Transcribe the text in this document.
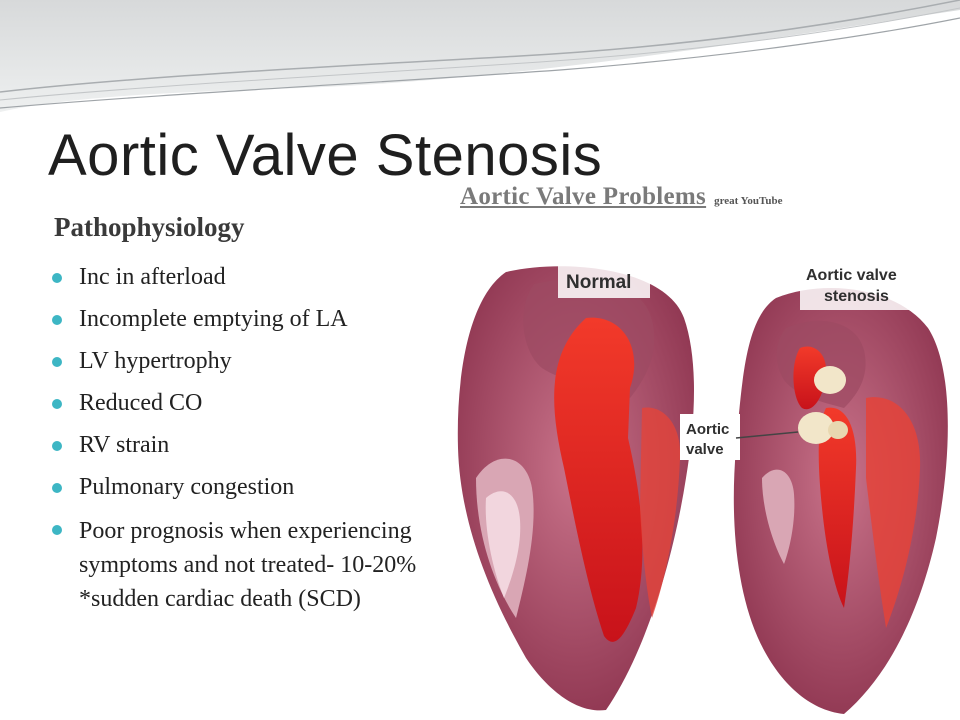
Aortic Valve Stenosis
Aortic Valve Problems great YouTube
Pathophysiology
Inc in afterload
Incomplete emptying of LA
LV hypertrophy
Reduced CO
RV strain
Pulmonary congestion
Poor prognosis when experiencing symptoms and not treated- 10-20% *sudden cardiac death (SCD)
Normal	Aortic valve
stenosis
Aortic
valve
